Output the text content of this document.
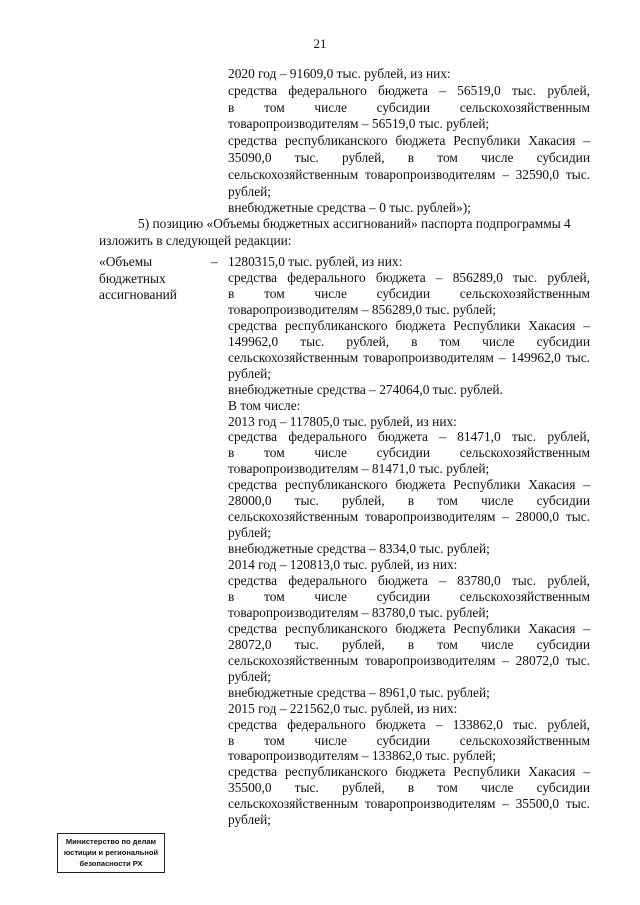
21
2020 год – 91609,0 тыс. рублей, из них:
средства федерального бюджета – 56519,0 тыс. рублей,
в том числе субсидии сельскохозяйственным
товаропроизводителям – 56519,0 тыс. рублей;
средства республиканского бюджета Республики Хакасия –
35090,0 тыс. рублей, в том числе субсидии
сельскохозяйственным товаропроизводителям – 32590,0 тыс.
рублей;
внебюджетные средства – 0 тыс. рублей»);
5) позицию «Объемы бюджетных ассигнований» паспорта подпрограммы 4
изложить в следующей редакции:
«Объемы
бюджетных
ассигнований
– 1280315,0 тыс. рублей, из них:
средства федерального бюджета – 856289,0 тыс. рублей,
в том числе субсидии сельскохозяйственным
товаропроизводителям – 856289,0 тыс. рублей;
средства республиканского бюджета Республики Хакасия –
149962,0 тыс. рублей, в том числе субсидии
сельскохозяйственным товаропроизводителям – 149962,0 тыс.
рублей;
внебюджетные средства – 274064,0 тыс. рублей.
В том числе:
2013 год – 117805,0 тыс. рублей, из них:
средства федерального бюджета – 81471,0 тыс. рублей,
в том числе субсидии сельскохозяйственным
товаропроизводителям – 81471,0 тыс. рублей;
средства республиканского бюджета Республики Хакасия –
28000,0 тыс. рублей, в том числе субсидии
сельскохозяйственным товаропроизводителям – 28000,0 тыс.
рублей;
внебюджетные средства – 8334,0 тыс. рублей;
2014 год – 120813,0 тыс. рублей, из них:
средства федерального бюджета – 83780,0 тыс. рублей,
в том числе субсидии сельскохозяйственным
товаропроизводителям – 83780,0 тыс. рублей;
средства республиканского бюджета Республики Хакасия –
28072,0 тыс. рублей, в том числе субсидии
сельскохозяйственным товаропроизводителям – 28072,0 тыс.
рублей;
внебюджетные средства – 8961,0 тыс. рублей;
2015 год – 221562,0 тыс. рублей, из них:
средства федерального бюджета – 133862,0 тыс. рублей,
в том числе субсидии сельскохозяйственным
товаропроизводителям – 133862,0 тыс. рублей;
средства республиканского бюджета Республики Хакасия –
35500,0 тыс. рублей, в том числе субсидии
сельскохозяйственным товаропроизводителям – 35500,0 тыс.
рублей;
Министерство по делам
юстиции и региональной
безопасности РХ
